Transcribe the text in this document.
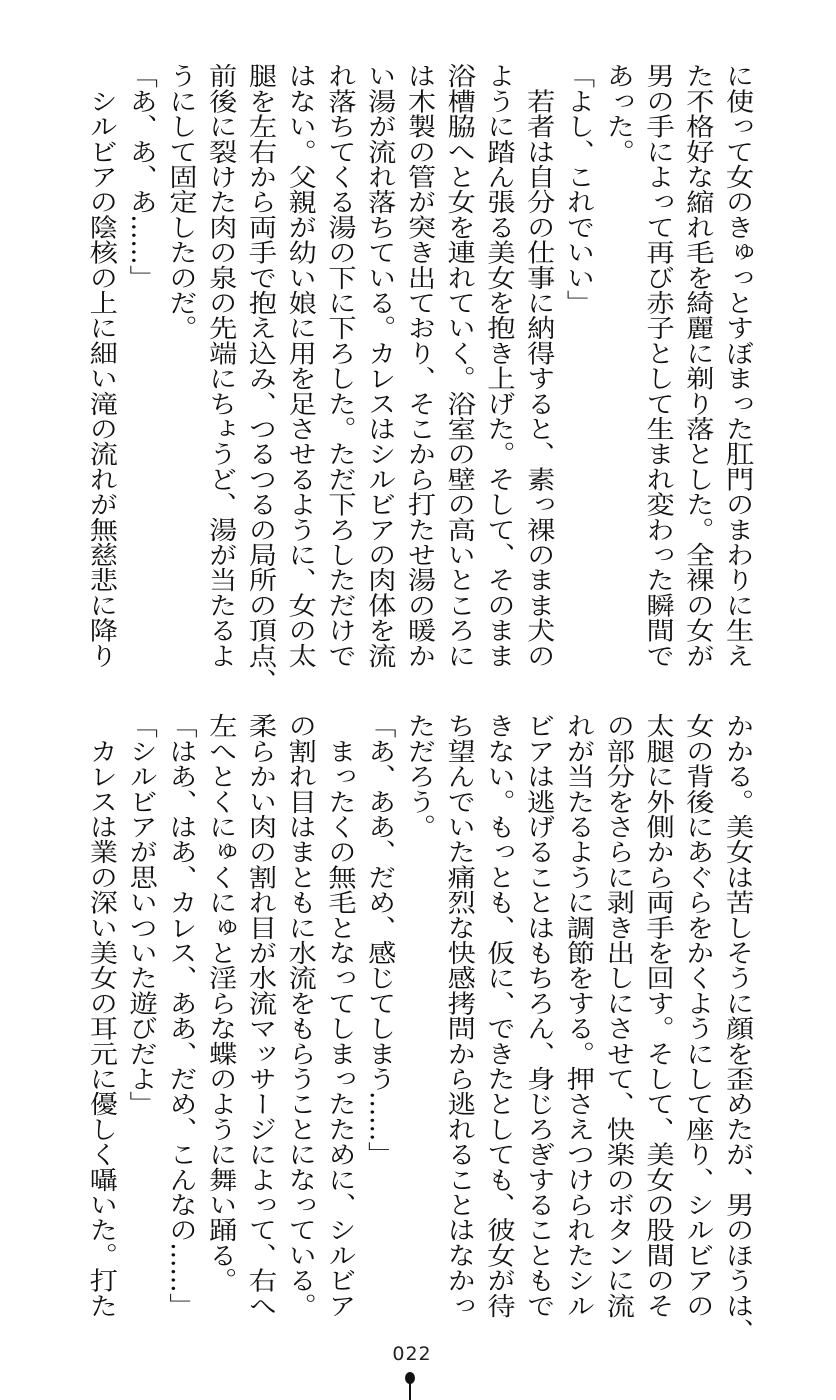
に使って女のきゅっとすぼまった肛門のまわりに生え
た不格好な縮れ毛を綺麗に剃り落とした。全裸の女が
男の手によって再び赤子として生まれ変わった瞬間で
あった。
「よし、これでいい」
　若者は自分の仕事に納得すると、素っ裸のまま犬の
ように踏ん張る美女を抱き上げた。そして、そのまま
浴槽脇へと女を連れていく。浴室の壁の高いところに
は木製の管が突き出ており、そこから打たせ湯の暖か
い湯が流れ落ちている。カレスはシルビアの肉体を流
れ落ちてくる湯の下に下ろした。ただ下ろしただけで
はない。父親が幼い娘に用を足させるように、女の太
腿を左右から両手で抱え込み、つるつるの局所の頂点、
前後に裂けた肉の泉の先端にちょうど、湯が当たるよ
うにして固定したのだ。
「あ、あ、あ……」
　シルビアの陰核の上に細い滝の流れが無慈悲に降り
かかる。美女は苦しそうに顔を歪めたが、男のほうは、
女の背後にあぐらをかくようにして座り、シルビアの
太腿に外側から両手を回す。そして、美女の股間のそ
の部分をさらに剥き出しにさせて、快楽のボタンに流
れが当たるように調節をする。押さえつけられたシル
ビアは逃げることはもちろん、身じろぎすることもで
きない。もっとも、仮に、できたとしても、彼女が待
ち望んでいた痛烈な快感拷問から逃れることはなかっ
ただろう。
「あ、ああ、だめ、感じてしまう……」
　まったくの無毛となってしまったために、シルビア
の割れ目はまともに水流をもらうことになっている。
柔らかい肉の割れ目が水流マッサージによって、右へ
左へとくにゅくにゅと淫らな蝶のように舞い踊る。
「はあ、はあ、カレス、ああ、だめ、こんなの……」
「シルビアが思いついた遊びだよ」
　カレスは業の深い美女の耳元に優しく囁いた。打た
022
